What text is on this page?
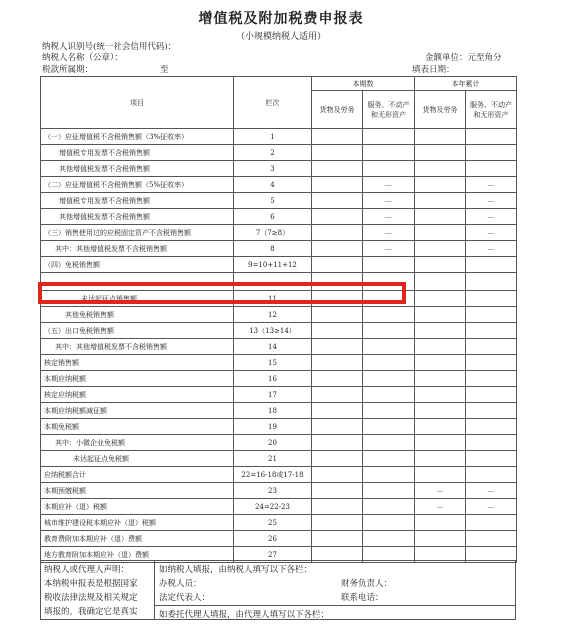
增值税及附加税费申报表
（小规模纳税人适用）
纳税人识别号(统一社会信用代码)：
纳税人名称（公章）：	金额单位：元至角分
税款所属期：	至	填表日期：
项目	栏次	本期数		本年累计	
		货物及劳务	服务、不动产和无形资产	货物及劳务	服务、不动产和无形资产

（一）应征增值税不含税销售额（3%征收率）	1				
增值税专用发票不含税销售额	2				
其他增值税发票不含税销售额	3				
（二）应征增值税不含税销售额（5%征收率）	4		—		—
增值税专用发票不含税销售额	5		—		—
其他增值税发票不含税销售额	6		—		—
（三）销售使用过的应税固定资产不含税销售额	7（7≥8）		—		—
其中：其他增值税发票不含税销售额	8		—		—
（四）免税销售额	9=10+11+12				

未达起征点销售额	11				
其他免税销售额	12				
（五）出口免税销售额	13（13≥14）				
其中：其他增值税发票不含税销售额	14				
核定销售额	15				
本期应纳税额	16				
核定应纳税额	17				
本期应纳税额减征额	18				
本期免税额	19				
其中：小微企业免税额	20				
未达起征点免税额	21				
应纳税额合计	22=16-18或17-18				
本期预缴税额	23			—	—
本期应补（退）税额	24=22-23			—	—
城市维护建设税本期应补（退）税额	25				
教育费附加本期应补（退）费额	26				
地方教育附加本期应补（退）费额	27				
纳税人或代理人声明：
本纳税申报表是根据国家
税收法律法规及相关规定
填报的，我确定它是真实
如纳税人填报，由纳税人填写以下各栏：
办税人员：	财务负责人：
法定代表人：	联系电话：
如委托代理人填报，由代理人填写以下各栏：
